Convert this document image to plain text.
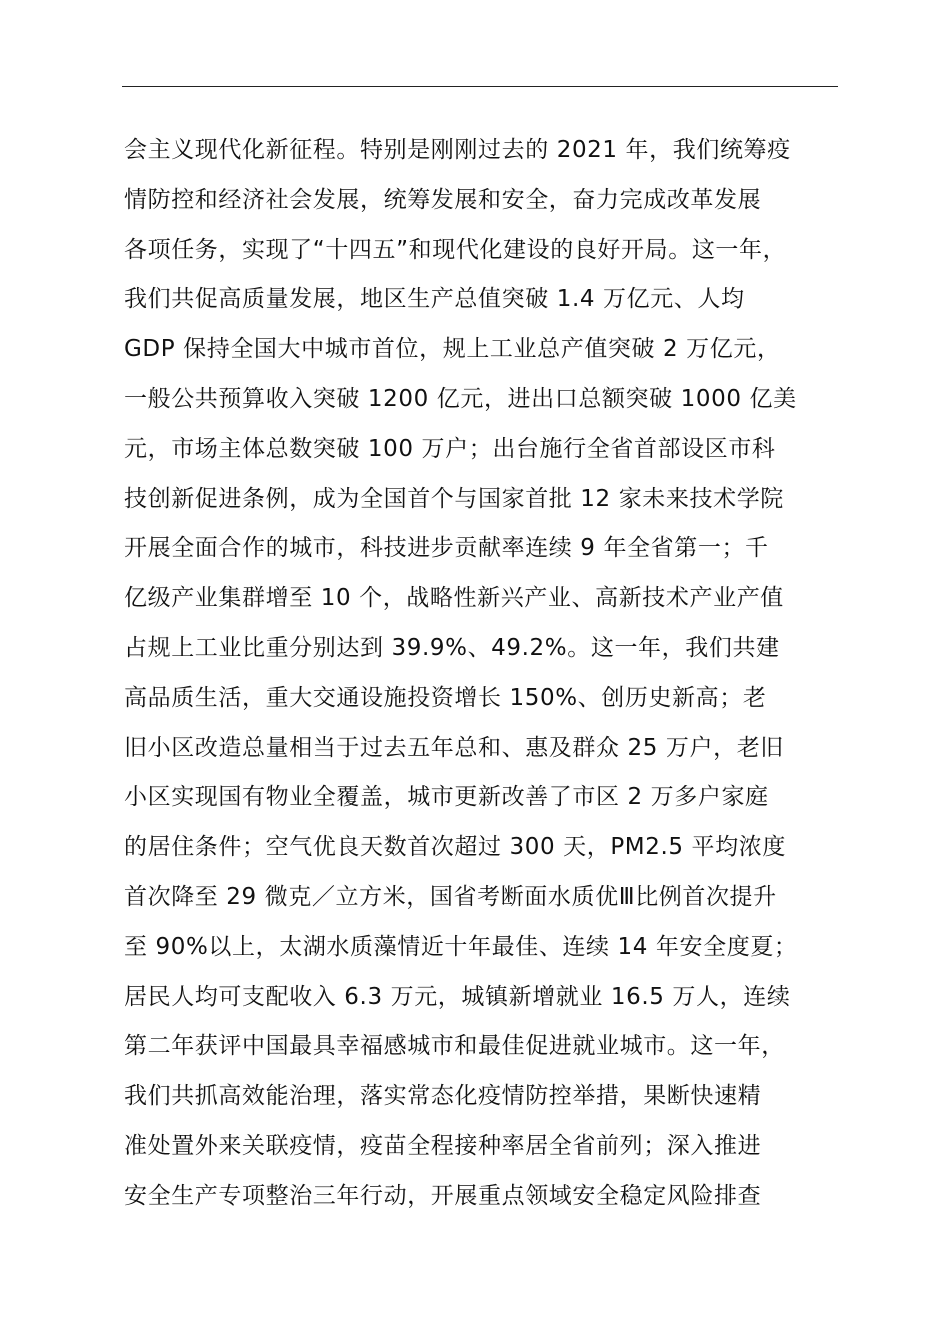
会主义现代化新征程。特别是刚刚过去的 2021 年，我们统筹疫
情防控和经济社会发展，统筹发展和安全，奋力完成改革发展
各项任务，实现了“十四五”和现代化建设的良好开局。这一年，
我们共促高质量发展，地区生产总值突破 1.4 万亿元、人均
GDP 保持全国大中城市首位，规上工业总产值突破 2 万亿元，
一般公共预算收入突破 1200 亿元，进出口总额突破 1000 亿美
元，市场主体总数突破 100 万户；出台施行全省首部设区市科
技创新促进条例，成为全国首个与国家首批 12 家未来技术学院
开展全面合作的城市，科技进步贡献率连续 9 年全省第一；千
亿级产业集群增至 10 个，战略性新兴产业、高新技术产业产值
占规上工业比重分别达到 39.9%、49.2%。这一年，我们共建
高品质生活，重大交通设施投资增长 150%、创历史新高；老
旧小区改造总量相当于过去五年总和、惠及群众 25 万户，老旧
小区实现国有物业全覆盖，城市更新改善了市区 2 万多户家庭
的居住条件；空气优良天数首次超过 300 天，PM2.5 平均浓度
首次降至 29 微克／立方米，国省考断面水质优Ⅲ比例首次提升
至 90%以上，太湖水质藻情近十年最佳、连续 14 年安全度夏；
居民人均可支配收入 6.3 万元，城镇新增就业 16.5 万人，连续
第二年获评中国最具幸福感城市和最佳促进就业城市。这一年，
我们共抓高效能治理，落实常态化疫情防控举措，果断快速精
准处置外来关联疫情，疫苗全程接种率居全省前列；深入推进
安全生产专项整治三年行动，开展重点领域安全稳定风险排查
